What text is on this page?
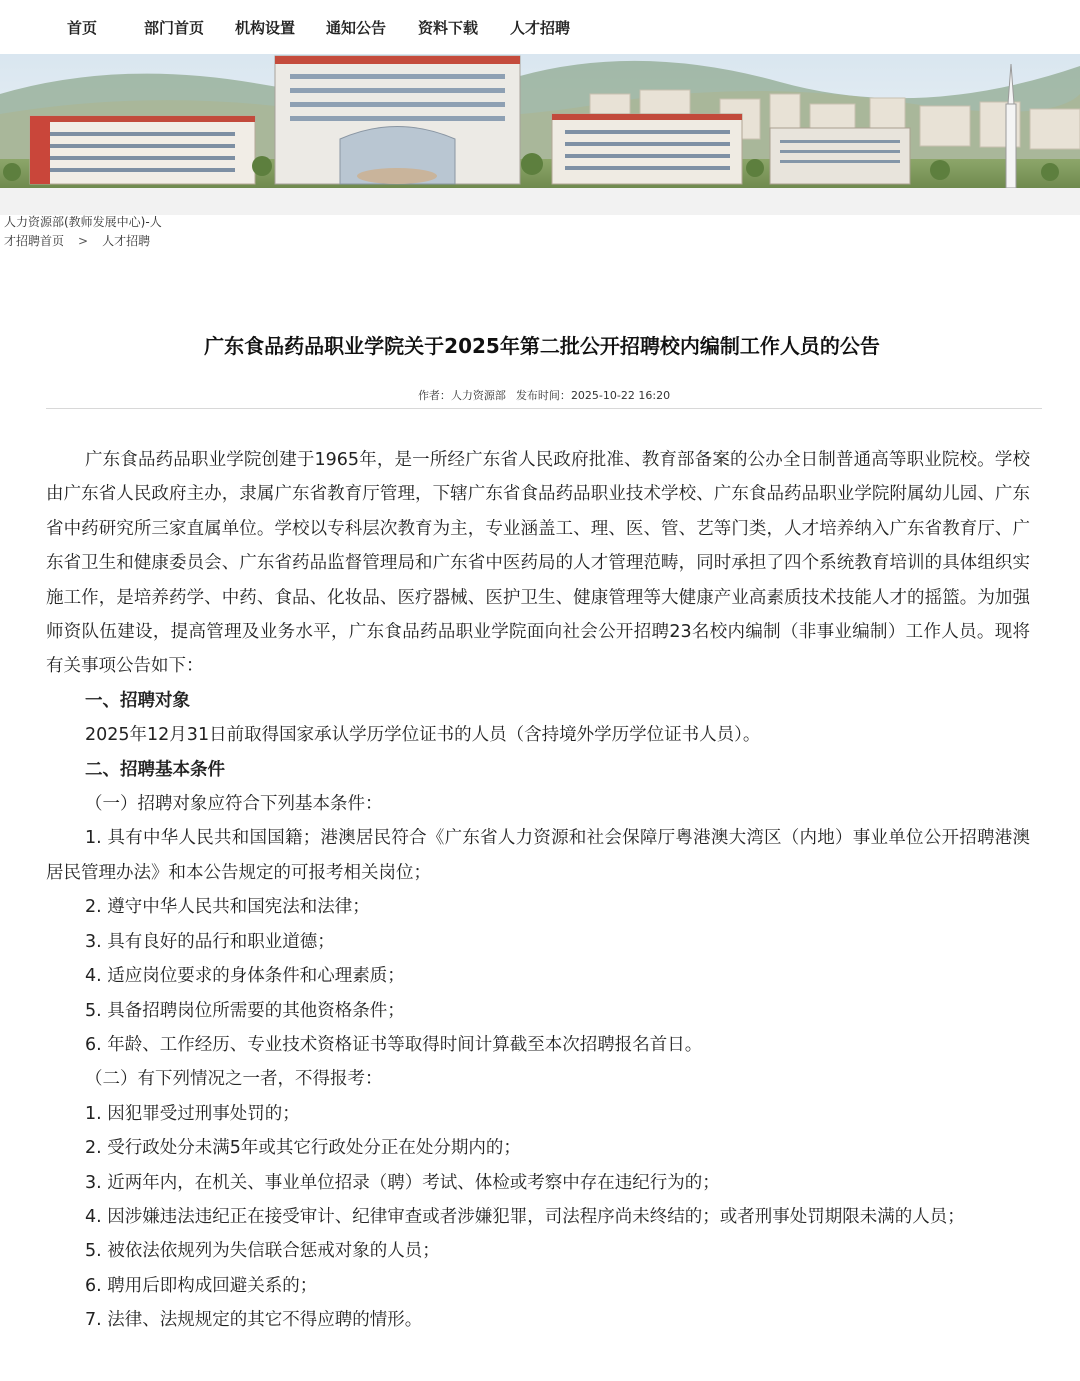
首页	部门首页 机构设置 通知公告 资料下载 人才招聘
人力资源部(教师发展中心)-人
才招聘首页 > 人才招聘
广东食品药品职业学院关于2025年第二批公开招聘校内编制工作人员的公告
作者：人力资源部 发布时间：2025-10-22 16:20

广东食品药品职业学院创建于1965年，是一所经广东省人民政府批准、教育部备案的公办全日制普通高等职业院校。学校由广东省人民政府主办，隶属广东省教育厅管理，下辖广东省食品药品职业技术学校、广东食品药品职业学院附属幼儿园、广东省中药研究所三家直属单位。学校以专科层次教育为主，专业涵盖工、理、医、管、艺等门类，人才培养纳入广东省教育厅、广东省卫生和健康委员会、广东省药品监督管理局和广东省中医药局的人才管理范畴，同时承担了四个系统教育培训的具体组织实施工作，是培养药学、中药、食品、化妆品、医疗器械、医护卫生、健康管理等大健康产业高素质技术技能人才的摇篮。为加强师资队伍建设，提高管理及业务水平，广东食品药品职业学院面向社会公开招聘23名校内编制（非事业编制）工作人员。现将有关事项公告如下：

一、招聘对象

2025年12月31日前取得国家承认学历学位证书的人员（含持境外学历学位证书人员）。

二、招聘基本条件

（一）招聘对象应符合下列基本条件：

1. 具有中华人民共和国国籍；港澳居民符合《广东省人力资源和社会保障厅粤港澳大湾区（内地）事业单位公开招聘港澳居民管理办法》和本公告规定的可报考相关岗位；

2. 遵守中华人民共和国宪法和法律；

3. 具有良好的品行和职业道德；

4. 适应岗位要求的身体条件和心理素质；

5. 具备招聘岗位所需要的其他资格条件；

6. 年龄、工作经历、专业技术资格证书等取得时间计算截至本次招聘报名首日。

（二）有下列情况之一者，不得报考：

1. 因犯罪受过刑事处罚的；

2. 受行政处分未满5年或其它行政处分正在处分期内的；

3. 近两年内，在机关、事业单位招录（聘）考试、体检或考察中存在违纪行为的；

4. 因涉嫌违法违纪正在接受审计、纪律审查或者涉嫌犯罪，司法程序尚未终结的；或者刑事处罚期限未满的人员；

5. 被依法依规列为失信联合惩戒对象的人员；

6. 聘用后即构成回避关系的；

7. 法律、法规规定的其它不得应聘的情形。
